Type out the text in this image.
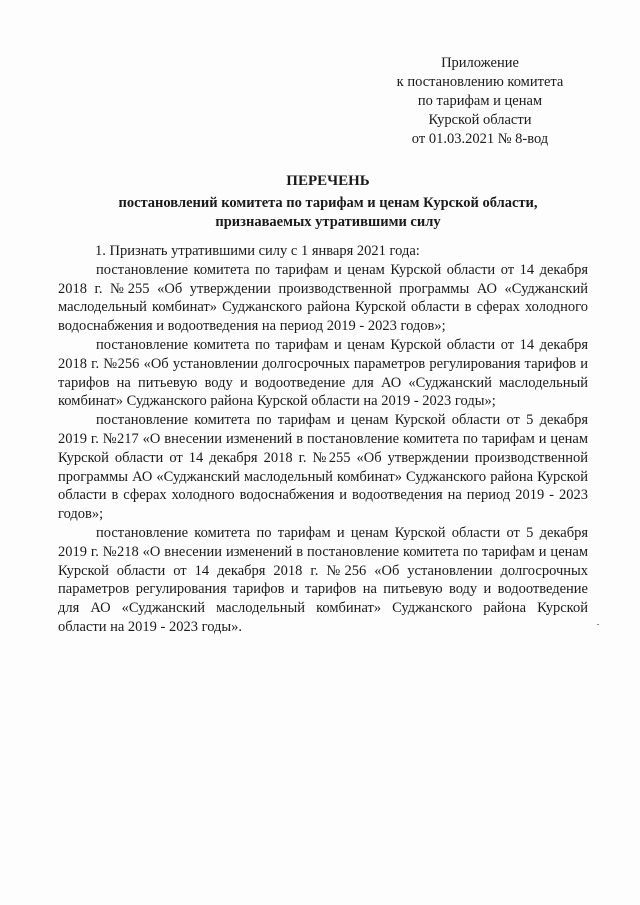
Приложение
к постановлению комитета
по тарифам и ценам
Курской области
от 01.03.2021 № 8-вод
ПЕРЕЧЕНЬ
постановлений комитета по тарифам и ценам Курской области,
признаваемых утратившими силу

1. Признать утратившими силу с 1 января 2021 года:

постановление комитета по тарифам и ценам Курской области от 14 декабря 2018 г. №255 «Об утверждении производственной программы АО «Суджанский маслодельный комбинат» Суджанского района Курской области в сферах холодного водоснабжения и водоотведения на период 2019 - 2023 годов»;

постановление комитета по тарифам и ценам Курской области от 14 декабря 2018 г. №256 «Об установлении долгосрочных параметров регулирования тарифов и тарифов на питьевую воду и водоотведение для АО «Суджанский маслодельный комбинат» Суджанского района Курской области на 2019 - 2023 годы»;

постановление комитета по тарифам и ценам Курской области от 5 декабря 2019 г. №217 «О внесении изменений в постановление комитета по тарифам и ценам Курской области от 14 декабря 2018 г. №255 «Об утверждении производственной программы АО «Суджанский маслодельный комбинат» Суджанского района Курской области в сферах холодного водоснабжения и водоотведения на период 2019 - 2023 годов»;

постановление комитета по тарифам и ценам Курской области от 5 декабря 2019 г. №218 «О внесении изменений в постановление комитета по тарифам и ценам Курской области от 14 декабря 2018 г. №256 «Об установлении долгосрочных параметров регулирования тарифов и тарифов на питьевую воду и водоотведение для АО «Суджанский маслодельный комбинат» Суджанского района Курской области на 2019 - 2023 годы».
